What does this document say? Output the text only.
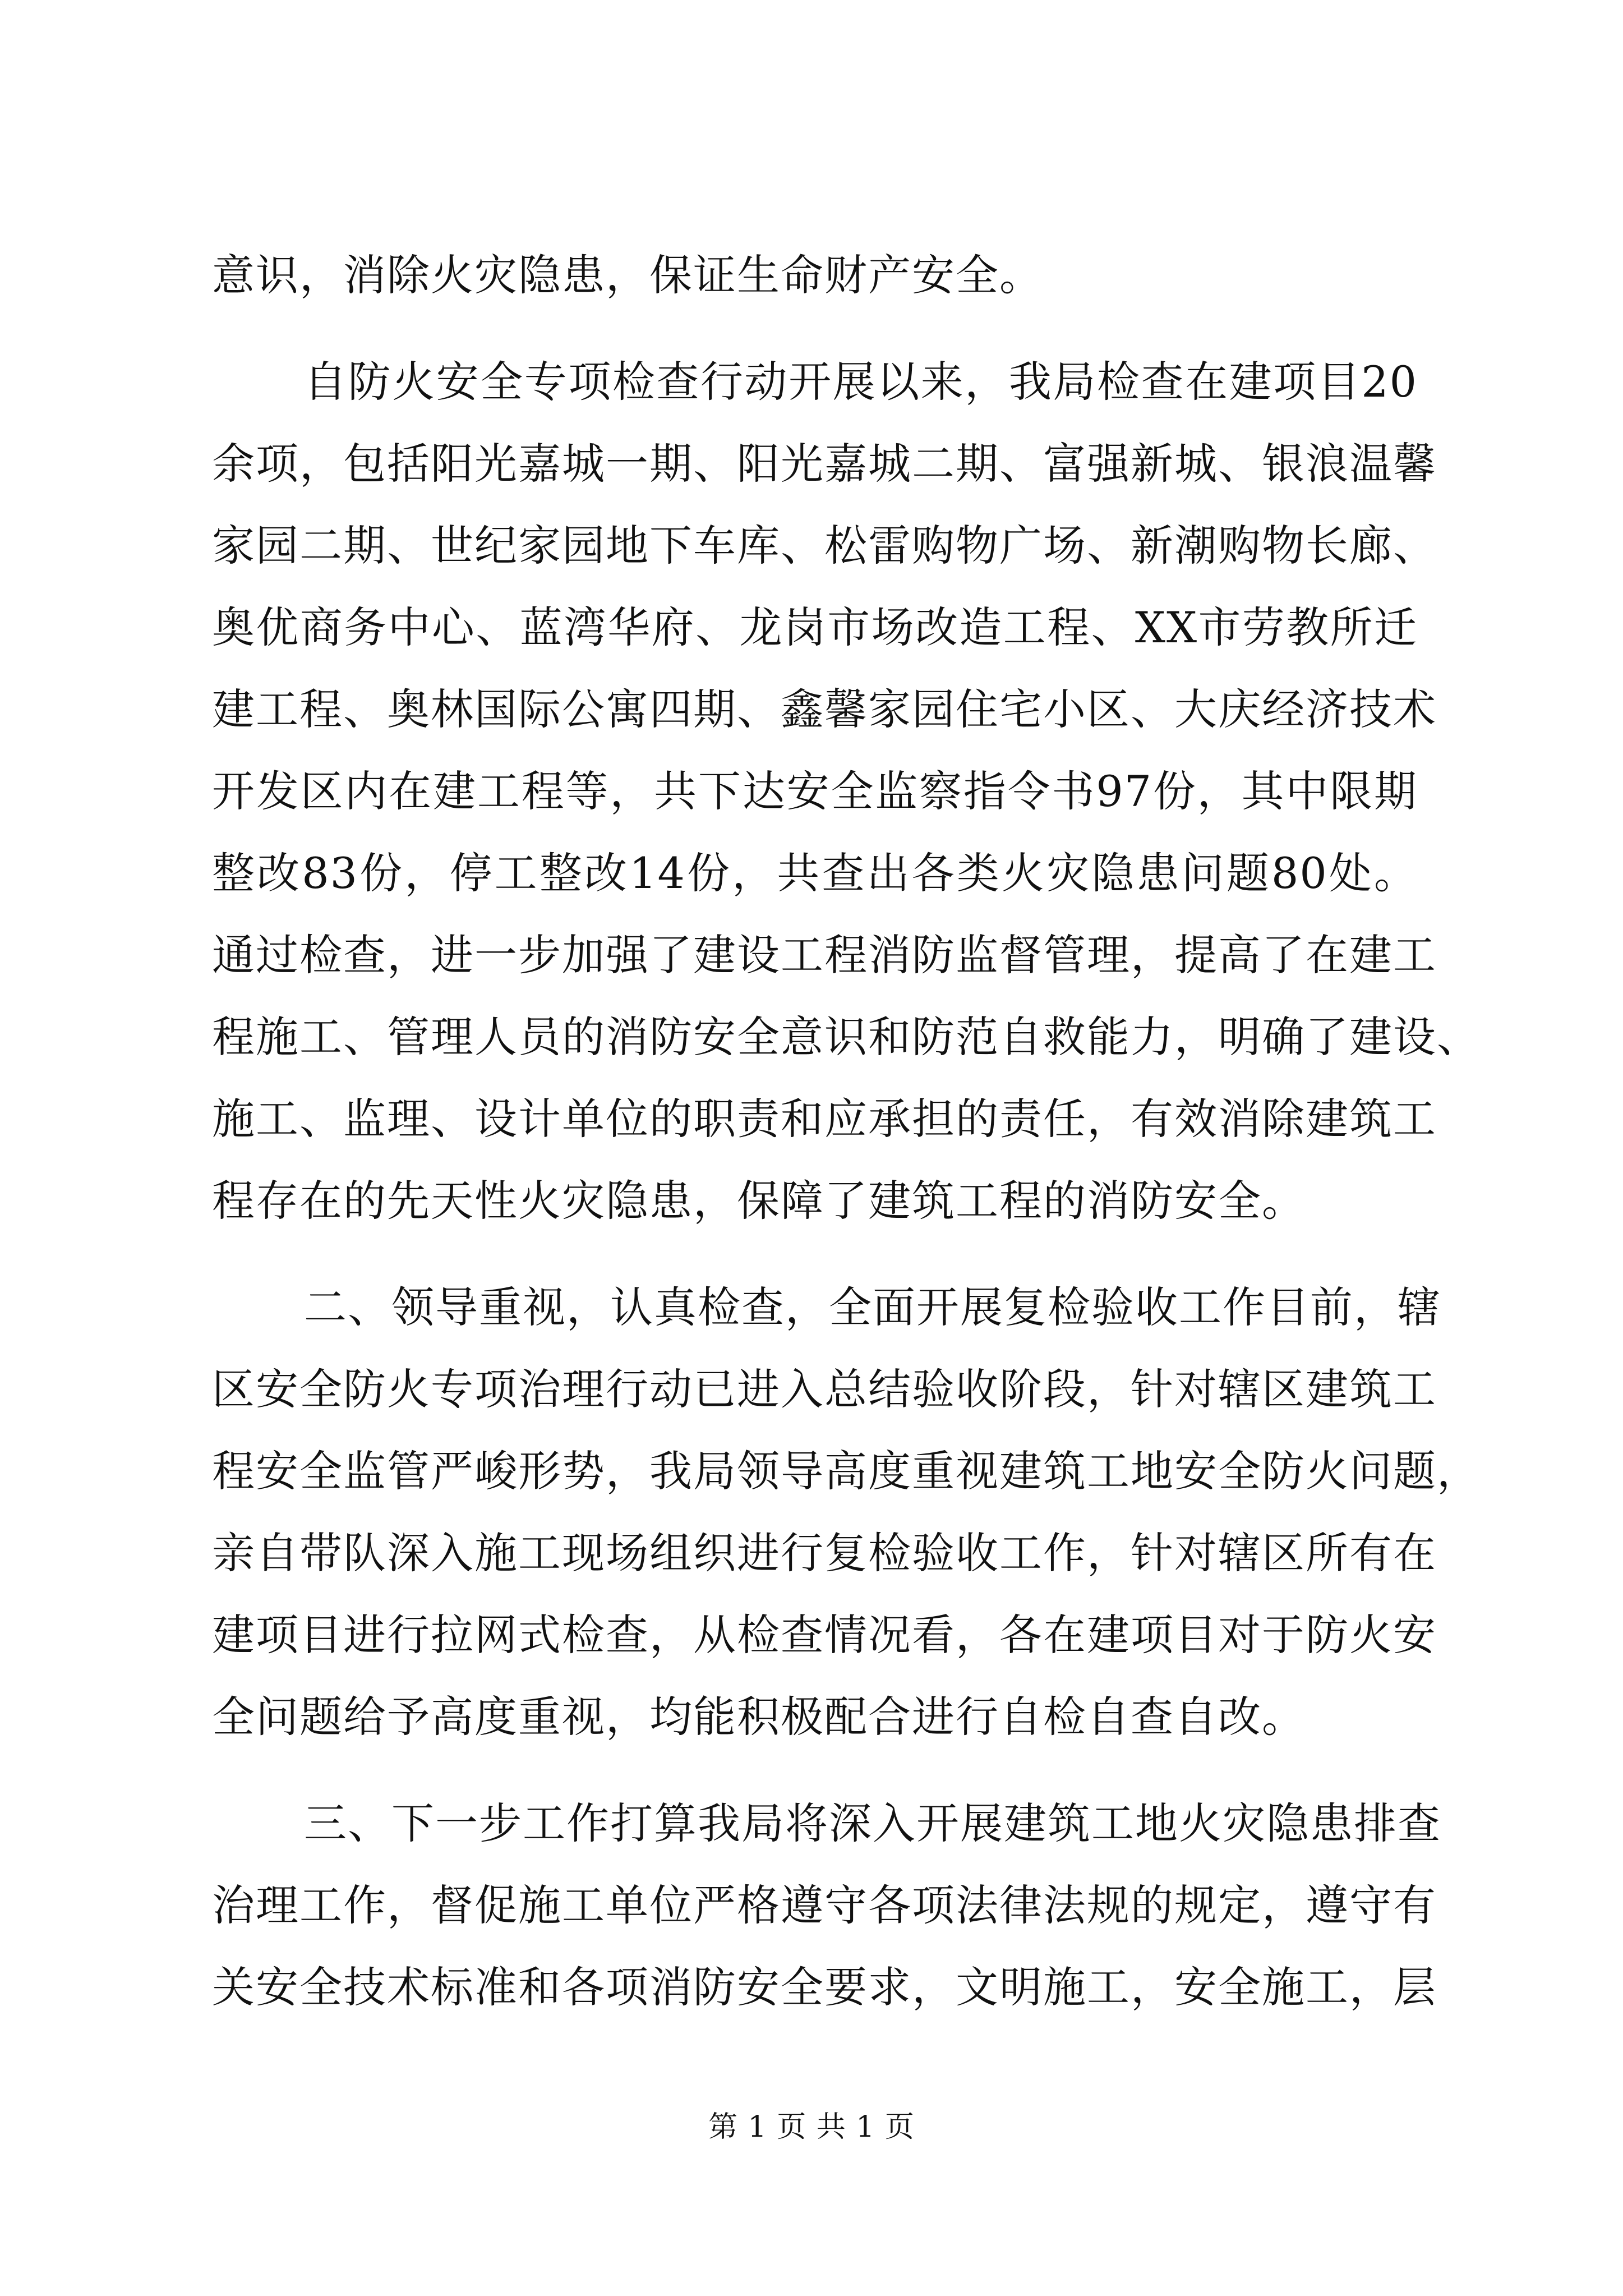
意识，消除火灾隐患，保证生命财产安全。
自防火安全专项检查行动开展以来，我局检查在建项目20
余项，包括阳光嘉城一期、阳光嘉城二期、富强新城、银浪温馨
家园二期、世纪家园地下车库、松雷购物广场、新潮购物长廊、
奥优商务中心、蓝湾华府、龙岗市场改造工程、XX市劳教所迁
建工程、奥林国际公寓四期、鑫馨家园住宅小区、大庆经济技术
开发区内在建工程等，共下达安全监察指令书97份，其中限期
整改83份，停工整改14份，共查出各类火灾隐患问题80处。
通过检查，进一步加强了建设工程消防监督管理，提高了在建工
程施工、管理人员的消防安全意识和防范自救能力，明确了建设、
施工、监理、设计单位的职责和应承担的责任，有效消除建筑工
程存在的先天性火灾隐患，保障了建筑工程的消防安全。
二、领导重视，认真检查，全面开展复检验收工作目前，辖
区安全防火专项治理行动已进入总结验收阶段，针对辖区建筑工
程安全监管严峻形势，我局领导高度重视建筑工地安全防火问题，
亲自带队深入施工现场组织进行复检验收工作，针对辖区所有在
建项目进行拉网式检查，从检查情况看，各在建项目对于防火安
全问题给予高度重视，均能积极配合进行自检自查自改。
三、下一步工作打算我局将深入开展建筑工地火灾隐患排查
治理工作，督促施工单位严格遵守各项法律法规的规定，遵守有
关安全技术标准和各项消防安全要求，文明施工，安全施工，层
第 1 页 共 1 页
